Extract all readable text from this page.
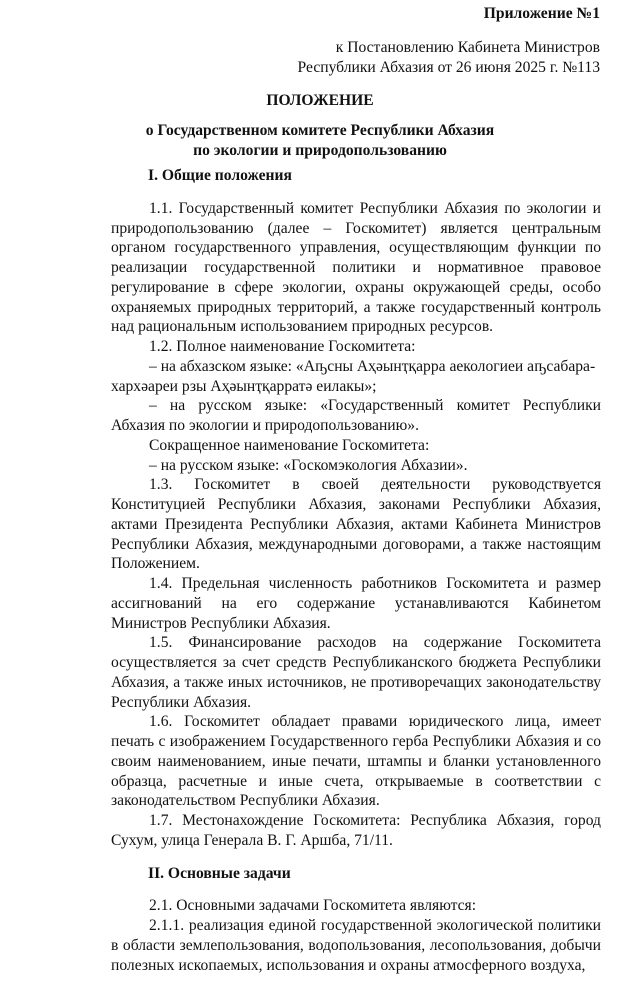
Приложение №1
к Постановлению Кабинета Министров
Республики Абхазия от 26 июня 2025 г. №113
ПОЛОЖЕНИЕ
о Государственном комитете Республики Абхазия
по экологии и природопользованию
I. Общие положения

1.1. Государственный комитет Республики Абхазия по экологии и природопользованию (далее – Госкомитет) является центральным органом государственного управления, осуществляющим функции по реализации государственной политики и нормативное правовое регулирование в сфере экологии, охраны окружающей среды, особо охраняемых природных территорий, а также государственный контроль над рациональным использованием природных ресурсов.

1.2. Полное наименование Госкомитета:

– на абхазском языке: «Аҧсны Аҳәынҭқарра аекологиеи аҧсабара-

хархәареи рзы Аҳәынҭқарратә еилакы»;

– на русском языке: «Государственный комитет Республики Абхазия по экологии и природопользованию».

Сокращенное наименование Госкомитета:

– на русском языке: «Госкомэкология Абхазии».

1.3. Госкомитет в своей деятельности руководствуется Конституцией Республики Абхазия, законами Республики Абхазия, актами Президента Республики Абхазия, актами Кабинета Министров Республики Абхазия, международными договорами, а также настоящим Положением.

1.4. Предельная численность работников Госкомитета и размер ассигнований на его содержание устанавливаются Кабинетом Министров Республики Абхазия.

1.5. Финансирование расходов на содержание Госкомитета осуществляется за счет средств Республиканского бюджета Республики Абхазия, а также иных источников, не противоречащих законодательству Республики Абхазия.

1.6. Госкомитет обладает правами юридического лица, имеет печать с изображением Государственного герба Республики Абхазия и со своим наименованием, иные печати, штампы и бланки установленного образца, расчетные и иные счета, открываемые в соответствии с законодательством Республики Абхазия.

1.7. Местонахождение Госкомитета: Республика Абхазия, город Сухум, улица Генерала В. Г. Аршба, 71/11.

II. Основные задачи

2.1. Основными задачами Госкомитета являются:

2.1.1. реализация единой государственной экологической политики в области землепользования, водопользования, лесопользования, добычи полезных ископаемых, использования и охраны атмосферного воздуха,
